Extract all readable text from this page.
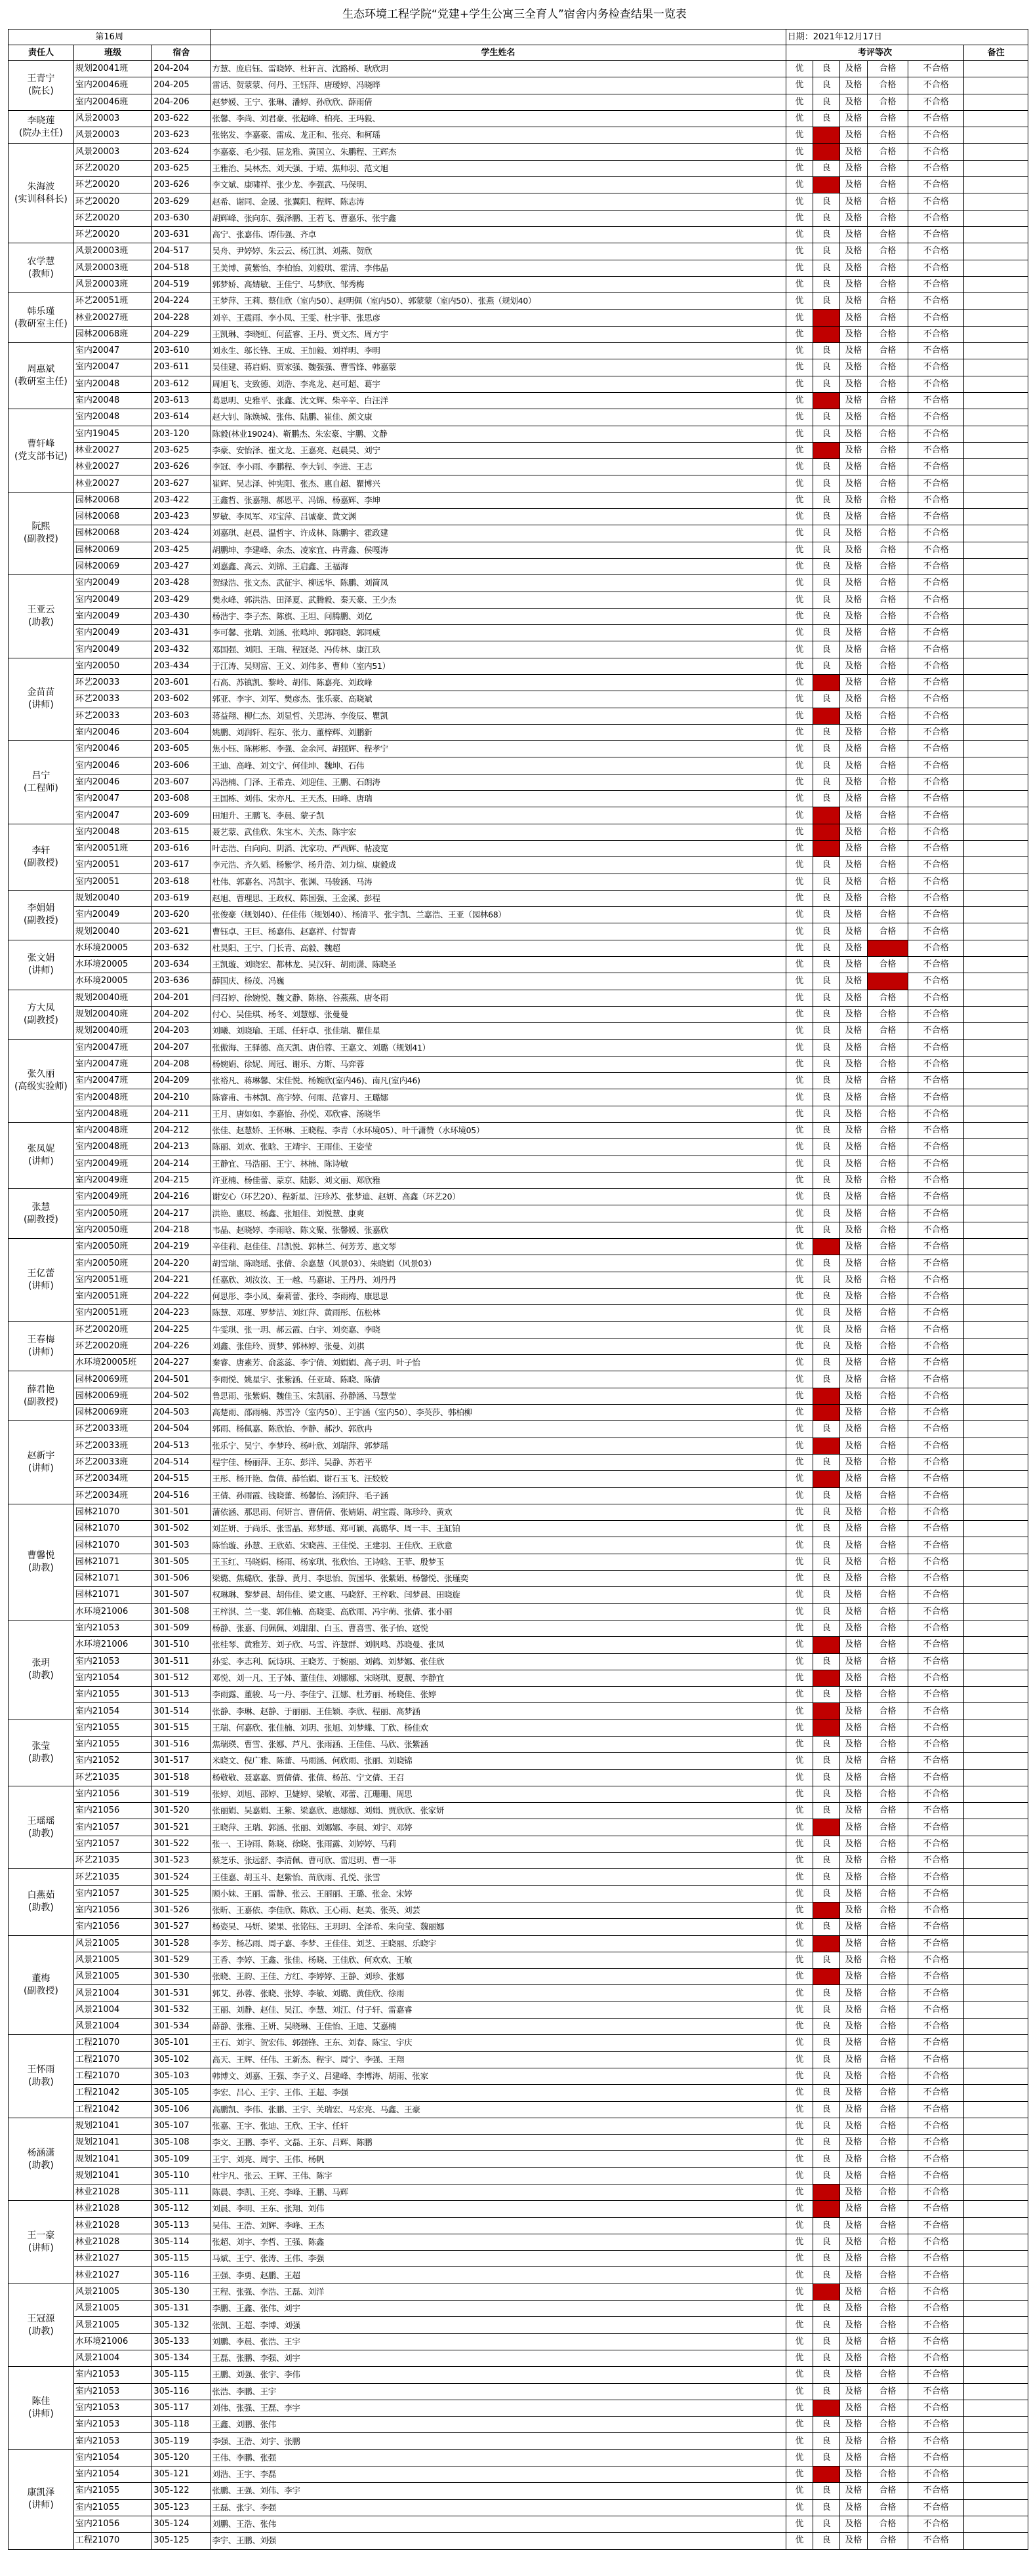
生态环境工程学院“党建+学生公寓三全育人”宿舍内务检查结果一览表
第16周				日期：2021年12月17日					
责任人	班级	宿舍	学生姓名	考评等次					备注
王青宁
(院长)	规划20041班	204-204	方慧、庞启钰、雷晓婷、杜轩言、沈路桥、耿欣玥	优	良	及格	合格	不合格	
	室内20046班	204-205	雷话、贺蒙蒙、何丹、王钰萍、唐瑷婷、冯晓晔	优	良	及格	合格	不合格	
	室内20046班	204-206	赵梦媛、王宁、张琳、潘婷、孙欣欣、薛雨倩	优	良	及格	合格	不合格	
李晓莲
(院办主任)	风景20003	203-622	张馨、李尚、刘君豪、张超峰、柏亮、王玛毅、	优	良	及格	合格	不合格	
	风景20003	203-623	张铭发、李嘉豪、雷成、龙正和、张亮、和柯瑶	优		及格	合格	不合格	
朱海波
(实训科科长)	风景20003	203-624	李嘉豪、毛少强、屈龙雅、黄国立、朱鹏程、王辉杰	优		及格	合格	不合格	
	环艺20020	203-625	王雅治、吴林杰、刘天强、于靖、焦帅羽、范文旭	优	良	及格	合格	不合格	
	环艺20020	203-626	李文斌、康啸祥、张少龙、李强武、马保明、	优		及格	合格	不合格	
	环艺20020	203-629	赵希、谢同、金晟、张翼阳、程辉、陈志涛	优	良	及格	合格	不合格	
	环艺20020	203-630	胡辉峰、张向东、强泽鹏、王若飞、曹嘉乐、张宇鑫	优	良	及格	合格	不合格	
	环艺20020	203-631	高宁、张嘉伟、谭伟强、齐卓	优	良	及格	合格	不合格	
农学慧
(教师)	风景20003班	204-517	吴舟、尹婷婷、朱云云、杨江淇、刘燕、贺欣	优	良	及格	合格	不合格	
	风景20003班	204-518	王美博、黄紫怡、李柏怡、刘毅琪、霍清、李伟晶	优	良	及格	合格	不合格	
	风景20003班	204-519	郭梦娇、高婧敏、王佳宁、马梦欣、邹秀梅	优	良	及格	合格	不合格	
韩乐瑾
(教研室主任)	环艺20051班	204-224	王梦萍、王莉、蔡佳欣（室内50）、赵明佩（室内50）、郭蒙蒙（室内50）、张燕（规划40）	优	良	及格	合格	不合格	
	林业20027班	204-228	刘辛、王震雨、李小凤、王雯、杜宇菲、张思彦	优		及格	合格	不合格	
	园林20068班	204-229	王凯琳、李晓虹、何蓝睿、王丹、贾文杰、周方宇	优		及格	合格	不合格	
周惠斌
(教研室主任)	室内20047	203-610	刘永生、邬长锋、王成、王加毅、刘祥明、李明	优	良	及格	合格	不合格	
	室内20047	203-611	吴佳建、蒋启娟、贾家强、魏强强、曹雪锋、韩嘉蒙	优	良	及格	合格	不合格	
	室内20048	203-612	周旭飞、支致德、刘浩、李兆龙、赵可超、葛宇	优	良	及格	合格	不合格	
	室内20048	203-613	葛思明、史雅平、张鑫、沈文辉、柴辛辛、白汪洋	优		及格	合格	不合格	
曹轩峰
(党支部书记)	室内20048	203-614	赵大钊、陈焕城、张伟、陆鹏、崔佳、颜文康	优	良	及格	合格	不合格	
	室内19045	203-120	陈毅(林业19024)、靳鹏杰、朱宏豪、宇鹏、文静	优	良	及格	合格	不合格	
	林业20027	203-625	李豪、安怡泽、崔文龙、王嘉亮、赵晨昊、刘宁	优		及格	合格	不合格	
	林业20027	203-626	李冠、李小雨、李鹏程、李大钊、李进、王志	优	良	及格	合格	不合格	
	林业20027	203-627	崔辉、吴志泽、钟宪阳、张杰、惠自超、瞿博兴	优	良	及格	合格	不合格	
阮熙
(副教授)	园林20068	203-422	王鑫哲、张嘉翔、郝恩平、冯锦、杨嘉辉、李坤	优	良	及格	合格	不合格	
	园林20068	203-423	罗敏、李凤军、邓宝萍、吕诚豪、黄文渊	优	良	及格	合格	不合格	
	园林20068	203-424	刘嘉琪、赵晨、温哲宇、许成林、陈鹏宇、霍政建	优	良	及格	合格	不合格	
	园林20069	203-425	胡鹏坤、李建峰、余杰、凌家宜、冉青鑫、侯嘎涛	优	良	及格	合格	不合格	
	园林20069	203-427	刘嘉鑫、高云、刘锦、王启鑫、王福海	优	良	及格	合格	不合格	
王亚云
(助教)	室内20049	203-428	贺绿浩、张文杰、武征宇、柳远华、陈鹏、刘简凤	优	良	及格	合格	不合格	
	室内20049	203-429	樊永峰、郭洪浩、田泽夏、武腾毅、秦天豪、王少杰	优	良	及格	合格	不合格	
	室内20049	203-430	杨浩宇、李子杰、陈旗、王坦、问腾鹏、刘亿	优	良	及格	合格	不合格	
	室内20049	203-431	李可馨、张瑞、刘涵、张鸣坤、郭同晓、郭同威	优	良	及格	合格	不合格	
	室内20049	203-432	邓国强、刘阳、王瑞、程冠尧、冯传林、康江玖	优	良	及格	合格	不合格	
金苗苗
(讲师)	室内20050	203-434	于江涛、吴则富、王义、刘伟多、曹帅（室内51）	优	良	及格	合格	不合格	
	环艺20033	203-601	石高、苏镇凯、黎岭、胡伟、陈嘉亮、刘政峰	优		及格	合格	不合格	
	环艺20033	203-602	郭亚、李宇、刘军、樊彦杰、张乐豪、高晓斌	优	良	及格	合格	不合格	
	环艺20033	203-603	蒋益翔、柳仁杰、刘显哲、关思涛、李俊辰、瞿凯	优		及格	合格	不合格	
	室内20046	203-604	姚鹏、刘润轩、程东、张力、董梓辉、刘鹏新	优	良	及格	合格	不合格	
吕宁
(工程师)	室内20046	203-605	焦小钰、陈彬彬、李强、金余河、胡强辉、程孝宁	优	良	及格	合格	不合格	
	室内20046	203-606	王迪、高峰、刘文宁、何佳坤、魏坤、石伟	优	良	及格	合格	不合格	
	室内20046	203-607	冯浩楠、门泽、王希垚、刘迎佳、王鹏、石朗涛	优	良	及格	合格	不合格	
	室内20047	203-608	王国栋、刘伟、宋亦凡、王天杰、田峰、唐瑞	优	良	及格	合格	不合格	
	室内20047	203-609	田旭升、王鹏飞、李晨、蒙子凯	优		及格	合格	不合格	
李轩
(副教授)	室内20048	203-615	聂艺蒙、武佳欣、朱宝木、关杰、陈宇宏	优		及格	合格	不合格	
	室内20051班	203-616	叶志浩、白向向、阴滔、沈家功、严西辉、帖凌宽	优		及格	合格	不合格	
	室内20051	203-617	李元浩、齐久韬、杨紫学、杨升浩、刘力煊、康毅成	优	良	及格	合格	不合格	
	室内20051	203-618	杜伟、郭嘉名、冯凯宇、张渊、马骏涵、马涛	优	良	及格	合格	不合格	
李娟娟
(副教授)	规划20040	203-619	赵旭、曹理思、王政权、陈国强、王金溪、彭程	优	良	及格	合格	不合格	
	室内20049	203-620	张俊豪（规划40）、任佳伟（规划40）、杨清平、张宇凯、兰嘉浩、王亚（园林68）	优	良	及格	合格	不合格	
	规划20040	203-621	曹钰卓、王巨、杨嘉伟、赵嘉祥、付智青	优	良	及格	合格	不合格	
张文娟
(讲师)	水环境20005	203-632	杜昊阳、王宁、门长青、高毅、魏超	优	良	及格		不合格	
	水环境20005	203-634	王凯璇、刘晓宏、都林龙、吴汉轩、胡雨潇、陈晓圣	优	良	及格	合格	不合格	
	水环境20005	203-636	薛国庆、杨茂、冯巍	优	良	及格		不合格	
方大凤
(副教授)	规划20040班	204-201	闫召婷、徐婉悦、魏文静、陈格、谷燕燕、唐冬雨	优	良	及格	合格	不合格	
	规划20040班	204-202	付心、吴佳琪、杨冬、刘慧娜、张曼曼	优	良	及格	合格	不合格	
	规划20040班	204-203	刘曦、刘晓瑜、王瑶、任轩卓、张佳瑞、瞿佳星	优	良	及格	合格	不合格	
张久丽
(高级实验师)	室内20047班	204-207	张傲海、王驿德、高天凯、唐伯蓉、王嘉文、刘璐（规划41）	优	良	及格	合格	不合格	
	室内20047班	204-208	杨婉娟、徐妮、周冠、谢乐、方斯、马弈蓉	优	良	及格	合格	不合格	
	室内20047班	204-209	张裕凡、蒋琳馨、宋佳悦、杨婉欣(室内46)、南凡(室内46)	优	良	及格	合格	不合格	
	室内20048班	204-210	陈睿甫、韦林凯、高宇婷、何雨、范睿月、王璐娜	优	良	及格	合格	不合格	
	室内20048班	204-211	王月、唐如如、李嘉怡、孙悦、邓欣睿、汤晓华	优	良	及格	合格	不合格	
张凤妮
(讲师)	室内20048班	204-212	张佳、赵慧娇、王怀琳、王晓程、李青（水环境05）、叶千潇赞（水环境05）	优	良	及格	合格	不合格	
	室内20048班	204-213	陈丽、刘欢、张晗、王靖宇、王雨佳、王姿莹	优	良	及格	合格	不合格	
	室内20049班	204-214	王静宜、马浩丽、王宁、林楠、陈诗敏	优	良	及格	合格	不合格	
	室内20049班	204-215	许亚楠、杨佳蕾、蒙京、陆影、刘文丽、郑欣雅	优	良	及格	合格	不合格	
张慧
(副教授)	室内20049班	204-216	谢安心（环艺20）、程新星、汪珍苏、张梦迪、赵妍、高鑫（环艺20）	优	良	及格	合格	不合格	
	室内20050班	204-217	洪艳、惠辰、杨鑫、张旭佳、刘悦慧、康爽	优	良	及格	合格	不合格	
	室内20050班	204-218	韦晶、赵晓婷、李雨晗、陈文聚、张馨媛、张嘉欣	优	良	及格	合格	不合格	
王亿蕾
(讲师)	室内20050班	204-219	辛佳莉、赵佳佳、吕凯悦、郭林兰、何芳芳、惠文琴	优		及格	合格	不合格	
	室内20050班	204-220	胡雪瑞、陈晓瑶、张倩、余嘉慧（风景03）、朱晓娟（风景03）	优	良	及格	合格	不合格	
	室内20051班	204-221	任嘉欣、刘汝汝、王一越、马嘉诺、王丹丹、刘丹丹	优	良	及格	合格	不合格	
	室内20051班	204-222	何思彤、李小凤、秦莉蕾、张玲、李雨梅、康思思	优	良	及格	合格	不合格	
	室内20051班	204-223	陈慧、邓瑾、罗梦洁、刘红萍、黄雨彤、伍松林	优	良	及格	合格	不合格	
王春梅
(讲师)	环艺20020班	204-225	牛雯琪、张一玥、郝云霞、白宇、刘奕嘉、李晓	优	良	及格	合格	不合格	
	环艺20020班	204-226	刘鑫、张佳玲、贾梦、郭林婷、张曼、刘祺	优	良	及格	合格	不合格	
	水环境20005班	204-227	秦睿、唐素芳、俞蕊蕊、李宁倩、刘娟娟、高子玥、叶子怡	优	良	及格	合格	不合格	
薛君艳
(副教授)	园林20069班	204-501	李雨悦、姚星宇、张紫涵、任亚琦、陈晓、陈倩	优	良	及格	合格	不合格	
	园林20069班	204-502	鲁思雨、张紫娟、魏佳玉、宋凯丽、孙静涵、马慧莹	优		及格	合格	不合格	
	园林20069班	204-503	高楚雨、邵雨楠、苏雪冷（室内50）、王宇涵（室内50）、李英莎、韩柏柳	优		及格	合格	不合格	
赵新宇
(讲师)	环艺20033班	204-504	郭雨、杨佩嘉、陈欣怡、李静、郝沙、郭欣冉	优	良	及格	合格	不合格	
	环艺20033班	204-513	张乐宁、吴宁、李梦玲、杨叶欣、刘瑞萍、郭梦瑶	优		及格	合格	不合格	
	环艺20033班	204-514	程宇佳、杨丽萍、王东、彭洋、吴静、苏若平	优	良	及格	合格	不合格	
	环艺20034班	204-515	王彤、杨开艳、詹倩、薛怡娟、谢石玉飞、汪姣姣	优		及格	合格	不合格	
	环艺20034班	204-516	王倩、孙雨霞、钱晓蕾、杨馨怡、汤阳萍、毛子涵	优	良	及格	合格	不合格	
曹馨悦
(助教)	园林21070	301-501	蒲依涵、那思雨、何妍言、曹倩倩、张婧娟、胡宝霞、陈珍玲、黄欢	优	良	及格	合格	不合格	
	园林21070	301-502	刘芷妍、于尚乐、张雪晶、郑梦瑶、郑可颖、高璐华、周一丰、王缸铂	优	良	及格	合格	不合格	
	园林21070	301-503	陈怡璇、孙慧、王欣茹、宋晓茜、王佳悦、王建羽、王佳欣、王欣意	优	良	及格	合格	不合格	
	园林21071	301-505	王玉红、马晓娟、杨雨、杨家琪、张欣怡、王诗晗、王菲、殷梦玉	优	良	及格	合格	不合格	
	园林21071	301-506	梁璐、焦璐欣、张静、黄月、李思怡、贺国华、张紫娟、杨馨悦、张瑾奕	优	良	及格	合格	不合格	
	园林21071	301-507	权琳琳、黎梦晨、胡伟佳、梁文惠、马晓舒、王梓歌、闫梦晨、田晓旋	优	良	及格	合格	不合格	
	水环境21006	301-508	王梓淇、兰一斐、郭佳楠、高晓雯、高欣雨、冯宇萌、张倩、张小丽	优	良	及格	合格	不合格	
张玥
(助教)	室内21053	301-509	杨静、张嘉、闫佩佩、刘甜甜、白玉、曹喜雪、张子怡、寇悦	优	良	及格	合格	不合格	
	水环境21006	301-510	张桂琴、黄雅芳、刘子欣、马雪、许慧群、刘帆鸣、苏晓曼、张凤	优		及格	合格	不合格	
	室内21053	301-511	孙雯、李志利、阮诗琪、王晓芳、于婉丽、刘鹤、刘梦娜、张佳欣	优	良	及格	合格	不合格	
	室内21054	301-512	邓悦、刘一凡、王子姊、董佳佳、刘娜娜、宋晓琪、夏靓、李静宜	优		及格	合格	不合格	
	室内21055	301-513	李雨露、董骏、马一丹、李佳宁、江娜、杜芳丽、杨晓佳、张婷	优	良	及格	合格	不合格	
	室内21054	301-514	张静、李琳、赵静、于丽丽、王佳颖、李欣、程丽、高梦涵	优		及格	合格	不合格	
张莹
(助教)	室内21055	301-515	王瑞、何嘉欣、张佳楠、刘玥、张旭、刘梦蝶、丁欣、杨佳欢	优		及格	合格	不合格	
	室内21055	301-516	焦瑞瑛、曹雪、张娜、芦凡、张雨涵、王佳佳、马欣、张紫涵	优	良	及格	合格	不合格	
	室内21052	301-517	米晓文、倪广雅、陈蕾、马雨涵、何欣雨、张丽、刘晓锦	优	良	及格	合格	不合格	
	环艺21035	301-518	杨敬敬、聂嘉嘉、贾倩倩、张倩、杨茁、宁文倩、王召	优	良	及格	合格	不合格	
王瑶瑶
(助教)	室内21056	301-519	张婷、刘旭、邵婷、卫婕婷、梁敏、邓蕾、江珊珊、周思	优	良	及格	合格	不合格	
	室内21056	301-520	张丽娟、吴嘉娟、王紫、梁嘉欣、惠娜娜、刘娟、贾欣欣、张家妍	优	良	及格	合格	不合格	
	室内21057	301-521	王晓萍、王瑞、郭涵、张丽、刘娜娜、李晨、刘宇、邓婷	优		及格	合格	不合格	
	室内21057	301-522	张一、王诗雨、陈晓、徐晓、张雨露、刘婷婷、马莉	优	良	及格	合格	不合格	
	环艺21035	301-523	蔡芝乐、张远舒、李清佩、曹可欣、雷迟玥、曹一菲	优	良	及格	合格	不合格	
白燕茹
(助教)	环艺21035	301-524	王佳嘉、胡玉斗、赵紫怡、苗欣雨、孔悦、张雪	优	良	及格	合格	不合格	
	室内21057	301-525	顾小妹、王丽、雷静、张云、王丽丽、王璐、张金、宋婷	优	良	及格	合格	不合格	
	室内21056	301-526	张昕、王嘉依、李佳欣、陈欣、王心雨、赵美、张英、刘芸	优		及格	合格	不合格	
	室内21056	301-527	杨姿昊、马妍、梁果、张铭钰、王玥玥、全泽希、朱向莹、魏丽娜	优	良	及格	合格	不合格	
董梅
(副教授)	风景21005	301-528	李芳、杨芯雨、周子嘉、李梦、王佳佳、刘芝、王晓丽、乐晓宇	优		及格	合格	不合格	
	风景21005	301-529	王香、李婷、王鑫、张佳、杨晓、王佳欣、何欢欢、王敏	优	良	及格	合格	不合格	
	风景21005	301-530	张晓、王韵、王佳、方红、李婷婷、王静、刘珍、张娜	优		及格	合格	不合格	
	风景21004	301-531	郭艾、孙蓉、张晓、张婷、李敏、刘璐、黄佳欣、徐雨	优	良	及格	合格	不合格	
	风景21004	301-532	王丽、刘静、赵佳、吴江、李慧、刘江、付子轩、雷嘉睿	优	良	及格	合格	不合格	
	风景21004	301-534	薛静、张雅、王妍、吴晓琳、王佳怡、王迪、艾嘉楠	优	良	及格	合格	不合格	
王怀雨
(助教)	工程21070	305-101	王石、刘宇、贺宏伟、郭强锋、王东、刘春、陈宝、宇庆	优	良	及格	合格	不合格	
	工程21070	305-102	高天、王辉、任伟、王新杰、程宇、周宁、李强、王翔	优	良	及格	合格	不合格	
	工程21070	305-103	韩博文、刘嘉、王强、李子义、吕建峰、李博涛、胡雨、张家	优	良	及格	合格	不合格	
	工程21042	305-105	李宏、吕心、王宇、王伟、王超、李强	优	良	及格	合格	不合格	
	工程21042	305-106	高鹏凯、李伟、张鹏、王宇、关瑞宏、马宏亮、马鑫、王豪	优	良	及格	合格	不合格	
杨涵潇
(助教)	规划21041	305-107	张嘉、王宇、张迪、王欣、王宇、任轩	优	良	及格	合格	不合格	
	规划21041	305-108	李文、王鹏、李平、文磊、王东、吕辉、陈鹏	优	良	及格	合格	不合格	
	规划21041	305-109	王宇、刘亮、周宇、王伟、杨帆	优	良	及格	合格	不合格	
	规划21041	305-110	杜宇凡、张云、王辉、王伟、陈宇	优	良	及格	合格	不合格	
	林业21028	305-111	陈晨、李凯、王亮、李峰、王鹏、马辉	优		及格	合格	不合格	
王一豪
(讲师)	林业21028	305-112	刘晨、李明、王东、张翔、刘伟	优		及格	合格	不合格	
	林业21028	305-113	吴伟、王浩、刘辉、李峰、王杰	优	良	及格	合格	不合格	
	林业21028	305-114	张超、刘宇、李哲、王强、陈鑫	优	良	及格	合格	不合格	
	林业21027	305-115	马斌、王宁、张涛、王伟、李强	优	良	及格	合格	不合格	
	林业21027	305-116	王强、李勇、赵鹏、王超	优	良	及格	合格	不合格	
王冠源
(助教)	风景21005	305-130	王程、张强、李浩、王磊、刘洋	优		及格	合格	不合格	
	风景21005	305-131	李鹏、王鑫、张伟、刘宇	优	良	及格	合格	不合格	
	风景21005	305-132	张凯、王超、李博、刘强	优	良	及格	合格	不合格	
	水环境21006	305-133	刘鹏、李晨、张浩、王宇	优	良	及格	合格	不合格	
	风景21004	305-134	王磊、张鹏、李强、刘宇	优	良	及格	合格	不合格	
陈佳
(讲师)	室内21053	305-115	王鹏、刘强、张宇、李伟	优	良	及格	合格	不合格	
	室内21053	305-116	张浩、李鹏、王宇	优	良	及格	合格	不合格	
	室内21053	305-117	刘伟、张强、王磊、李宇	优		及格	合格	不合格	
	室内21053	305-118	王鑫、刘鹏、张伟	优	良	及格	合格	不合格	
	室内21053	305-119	李强、王浩、刘宇、张鹏	优	良	及格	合格	不合格	
康凯泽
(讲师)	室内21054	305-120	王伟、李鹏、张强	优	良	及格	合格	不合格	
	室内21054	305-121	刘浩、王宇、李磊	优		及格	合格	不合格	
	室内21055	305-122	张鹏、王强、刘伟、李宇	优	良	及格	合格	不合格	
	室内21055	305-123	王磊、张宇、李强	优	良	及格	合格	不合格	
	室内21056	305-124	刘鹏、王浩、张伟	优	良	及格	合格	不合格	
	工程21070	305-125	李宇、王鹏、刘强	优	良	及格	合格	不合格	
